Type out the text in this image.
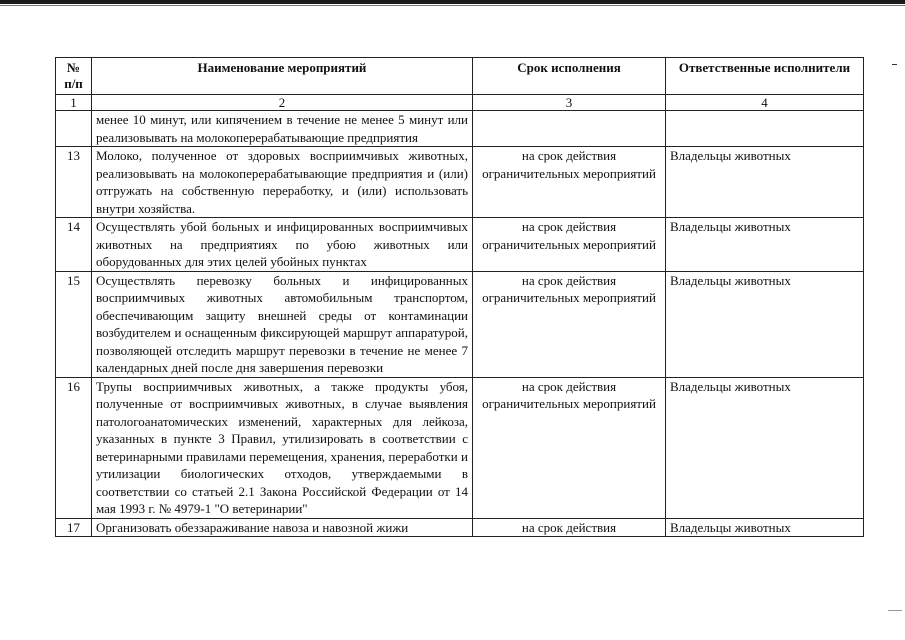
№
п/п	Наименование мероприятий	Срок исполнения	Ответственные исполнители
1	2	3	4
	менее 10 минут, или кипячением в течение не менее 5 минут или реализовывать на молокоперерабатывающие предприятия		
13	Молоко, полученное от здоровых восприимчивых животных, реализовывать на молокоперерабатывающие предприятия и (или) отгружать на собственную переработку, и (или) использовать внутри хозяйства.	на срок действия ограничительных мероприятий	Владельцы животных
14	Осуществлять убой больных и инфицированных восприимчивых животных на предприятиях по убою животных или оборудованных для этих целей убойных пунктах	на срок действия ограничительных мероприятий	Владельцы животных
15	Осуществлять перевозку больных и инфицированных восприимчивых животных автомобильным транспортом, обеспечивающим защиту внешней среды от контаминации возбудителем и оснащенным фиксирующей маршрут аппаратурой, позволяющей отследить маршрут перевозки в течение не менее 7 календарных дней после дня завершения перевозки	на срок действия ограничительных мероприятий	Владельцы животных
16	Трупы восприимчивых животных, а также продукты убоя, полученные от восприимчивых животных, в случае выявления патологоанатомических изменений, характерных для лейкоза, указанных в пункте 3 Правил, утилизировать в соответствии с ветеринарными правилами перемещения, хранения, переработки и утилизации биологических отходов, утверждаемыми в соответствии со статьей 2.1 Закона Российской Федерации от 14 мая 1993 г. № 4979-1 "О ветеринарии"	на срок действия ограничительных мероприятий	Владельцы животных
17	Организовать обеззараживание навоза и навозной жижи	на срок действия	Владельцы животных
